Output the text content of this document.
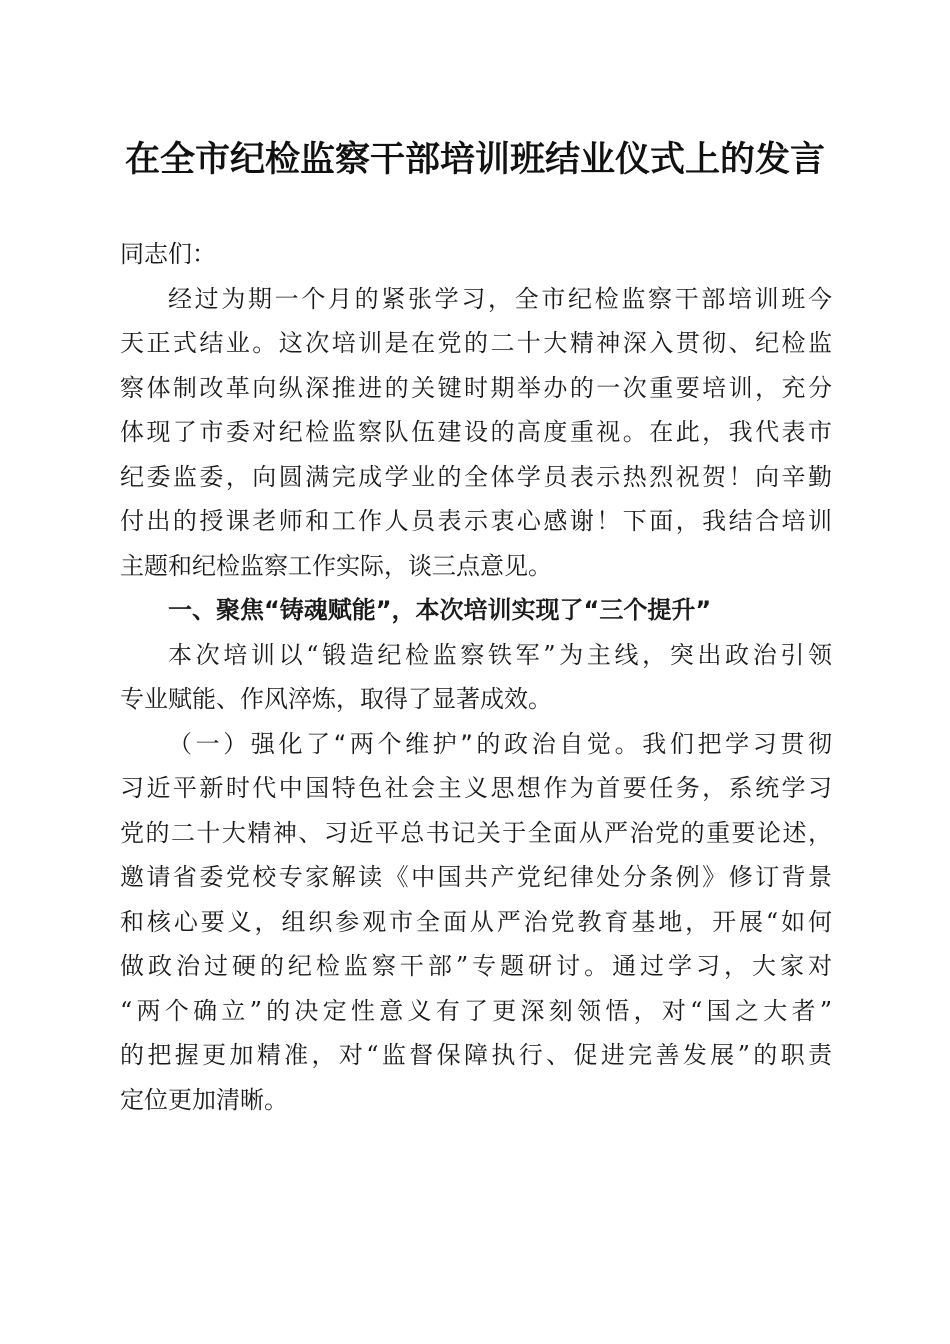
在全市纪检监察干部培训班结业仪式上的发言
同志们：
经过为期一个月的紧张学习，全市纪检监察干部培训班今
天正式结业。这次培训是在党的二十大精神深入贯彻、纪检监
察体制改革向纵深推进的关键时期举办的一次重要培训，充分
体现了市委对纪检监察队伍建设的高度重视。在此，我代表市
纪委监委，向圆满完成学业的全体学员表示热烈祝贺！向辛勤
付出的授课老师和工作人员表示衷心感谢！下面，我结合培训
主题和纪检监察工作实际，谈三点意见。
一、聚焦“铸魂赋能”，本次培训实现了“三个提升”
本次培训以“锻造纪检监察铁军”为主线，突出政治引领
专业赋能、作风淬炼，取得了显著成效。
（一）强化了“两个维护”的政治自觉。我们把学习贯彻
习近平新时代中国特色社会主义思想作为首要任务，系统学习
党的二十大精神、习近平总书记关于全面从严治党的重要论述，
邀请省委党校专家解读《中国共产党纪律处分条例》修订背景
和核心要义，组织参观市全面从严治党教育基地，开展“如何
做政治过硬的纪检监察干部”专题研讨。通过学习，大家对
“两个确立”的决定性意义有了更深刻领悟，对“国之大者”
的把握更加精准，对“监督保障执行、促进完善发展”的职责
定位更加清晰。
